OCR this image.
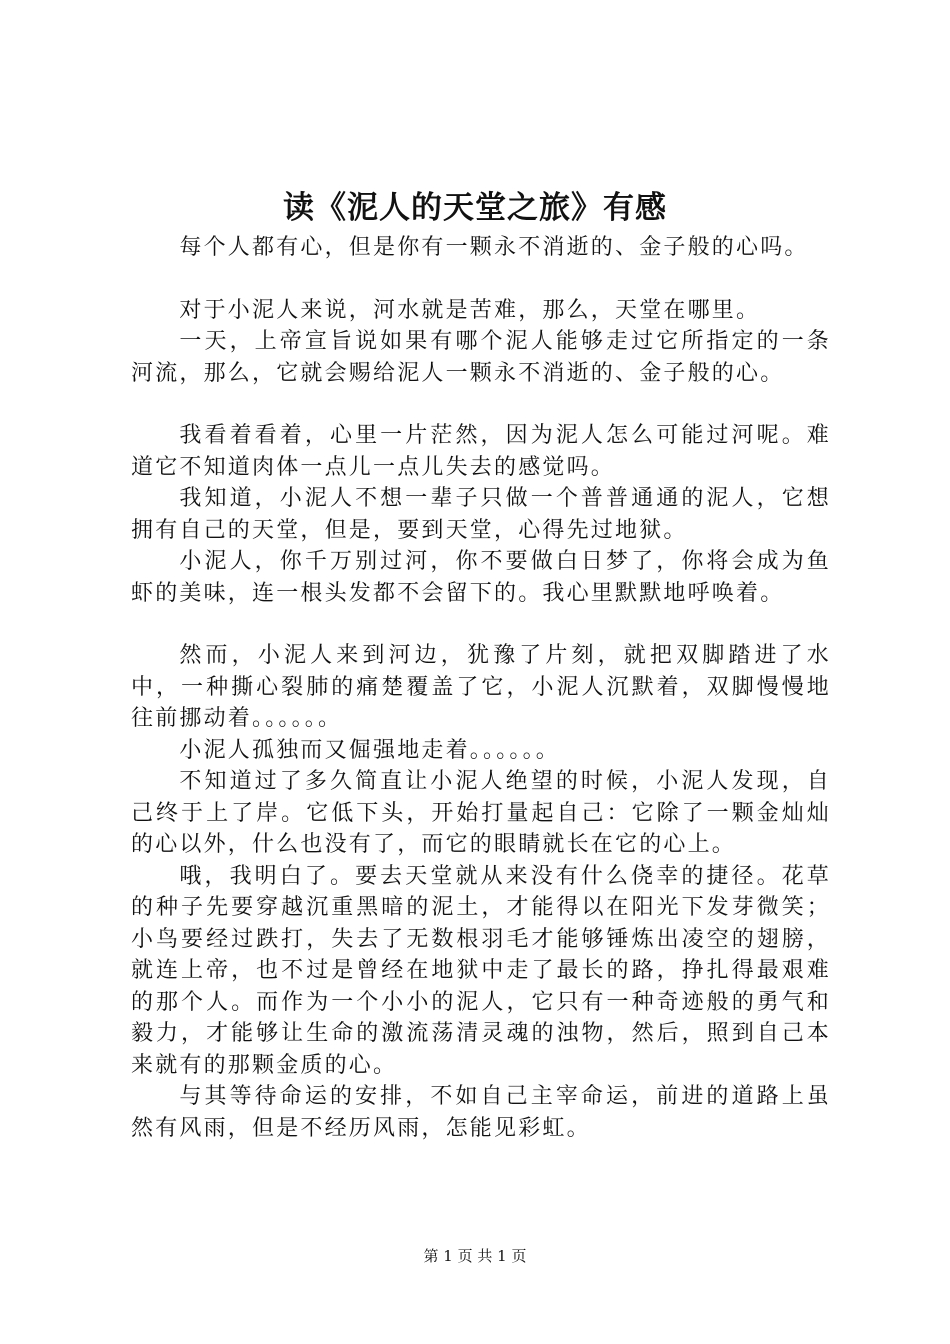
读《泥人的天堂之旅》有感

每个人都有心，但是你有一颗永不消逝的、金子般的心吗。

对于小泥人来说，河水就是苦难，那么，天堂在哪里。

一天，上帝宣旨说如果有哪个泥人能够走过它所指定的一条河流，那么，它就会赐给泥人一颗永不消逝的、金子般的心。

我看着看着，心里一片茫然，因为泥人怎么可能过河呢。难道它不知道肉体一点儿一点儿失去的感觉吗。

我知道，小泥人不想一辈子只做一个普普通通的泥人，它想拥有自己的天堂，但是，要到天堂，心得先过地狱。

小泥人，你千万别过河，你不要做白日梦了，你将会成为鱼虾的美味，连一根头发都不会留下的。我心里默默地呼唤着。

然而，小泥人来到河边，犹豫了片刻，就把双脚踏进了水中，一种撕心裂肺的痛楚覆盖了它，小泥人沉默着，双脚慢慢地往前挪动着。。。。。。

小泥人孤独而又倔强地走着。。。。。。

不知道过了多久简直让小泥人绝望的时候，小泥人发现，自己终于上了岸。它低下头，开始打量起自己：它除了一颗金灿灿的心以外，什么也没有了，而它的眼睛就长在它的心上。

哦，我明白了。要去天堂就从来没有什么侥幸的捷径。花草的种子先要穿越沉重黑暗的泥土，才能得以在阳光下发芽微笑；小鸟要经过跌打，失去了无数根羽毛才能够锤炼出凌空的翅膀，就连上帝，也不过是曾经在地狱中走了最长的路，挣扎得最艰难的那个人。而作为一个小小的泥人，它只有一种奇迹般的勇气和毅力，才能够让生命的激流荡清灵魂的浊物，然后，照到自己本来就有的那颗金质的心。

与其等待命运的安排，不如自己主宰命运，前进的道路上虽然有风雨，但是不经历风雨，怎能见彩虹。

第 1 页 共 1 页
